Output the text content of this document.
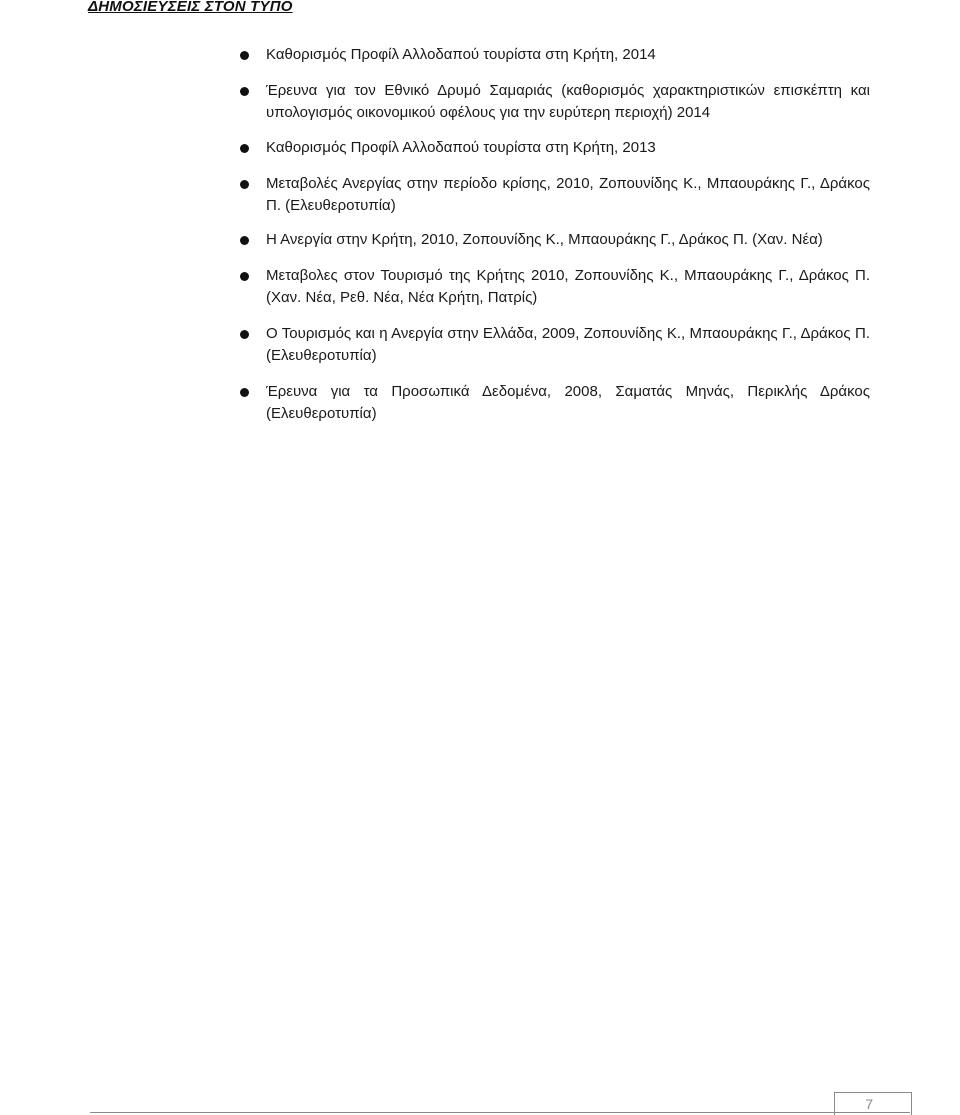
ΔΗΜΟΣΙΕΥΣΕΙΣ ΣΤΟΝ ΤΥΠΟ
Καθορισμός Προφίλ Αλλοδαπού τουρίστα στη Κρήτη, 2014
Έρευνα για τον Εθνικό Δρυμό Σαμαριάς (καθορισμός χαρακτηριστικών επισκέπτη και υπολογισμός οικονομικού οφέλους για την ευρύτερη περιοχή) 2014
Καθορισμός Προφίλ Αλλοδαπού τουρίστα στη Κρήτη, 2013
Μεταβολές Ανεργίας στην περίοδο κρίσης, 2010, Ζοπουνίδης Κ., Μπαουράκης Γ., Δράκος Π. (Ελευθεροτυπία)
Η Ανεργία στην Κρήτη, 2010, Ζοπουνίδης Κ., Μπαουράκης Γ., Δράκος Π. (Χαν. Νέα)
Μεταβολες στον Τουρισμό της Κρήτης 2010, Ζοπουνίδης Κ., Μπαουράκης Γ., Δράκος Π. (Χαν. Νέα, Ρεθ. Νέα, Νέα Κρήτη, Πατρίς)
Ο Τουρισμός και η Ανεργία στην Ελλάδα, 2009, Ζοπουνίδης Κ., Μπαουράκης Γ., Δράκος Π. (Ελευθεροτυπία)
Έρευνα για τα Προσωπικά Δεδομένα, 2008, Σαματάς Μηνάς, Περικλής Δράκος (Ελευθεροτυπία)
7
